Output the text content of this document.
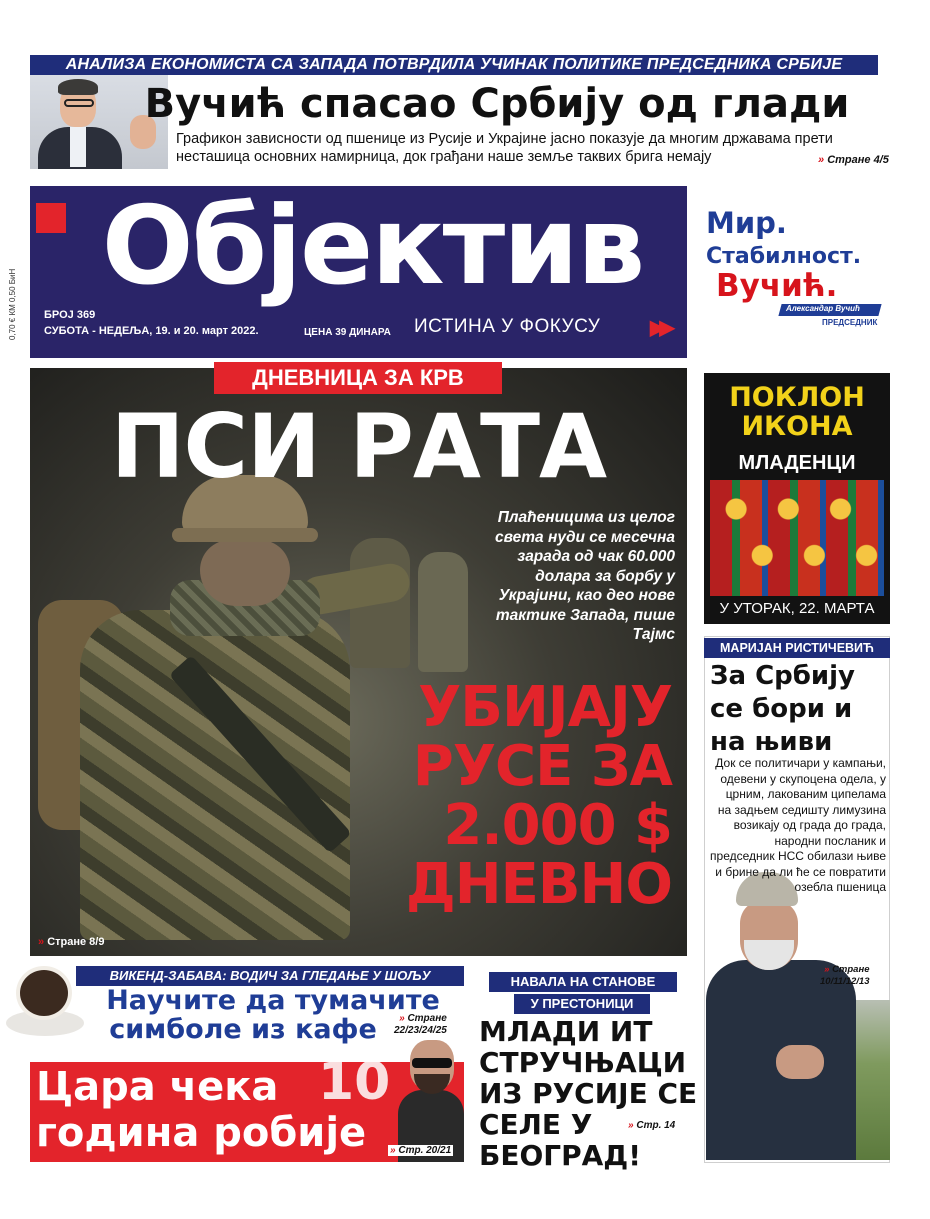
АНАЛИЗА ЕКОНОМИСТА СА ЗАПАДА ПОТВРДИЛА УЧИНАК ПОЛИТИКЕ ПРЕДСЕДНИКА СРБИЈЕ
Вучић спасао Србију од глади
Графикон зависности од пшенице из Русије и Украјине јасно показује да многим државама прети несташица основних намирница, док грађани наше земље таквих брига немају	» Стране 4/5
Објектив
БРОЈ 369
СУБОТА - НЕДЕЉА, 19. и 20. март 2022.	ЦЕНА 39 ДИНАРА ИСТИНА У ФОКУСУ ▶▶
0,70 € КМ 0,50 БиН
Мир.
Стабилност.
Вучић.
Александар Вучић
ПРЕДСЕДНИК
ДНЕВНИЦА ЗА КРВ
ПСИ РАТА
Плаћеницима из целог света нуди се месечна зарада од чак 60.000 долара за борбу у Украјини, као део нове тактике Запада, пише Тајмс
УБИЈАЈУ
РУСЕ ЗА
2.000 $
ДНЕВНО
» Стране 8/9
ПОКЛОН
ИКОНА
МЛАДЕНЦИ
У УТОРАК, 22. МАРТА
МАРИЈАН РИСТИЧЕВИЋ
За Србију се бори и на њиви
Док се политичари у кампањи, одевени у скупоцена одела, у црним, лакованим ципелама на задњем седишту лимузина возикају од града до града, народни посланик и председник НСС обилази њиве и брине да ли ће се повратити озебла пшеница
» Стране
10/11/12/13
ВИКЕНД-ЗАБАВА: ВОДИЧ ЗА ГЛЕДАЊЕ У ШОЉУ
Научите да тумачите
симболе из кафе	» Стране
22/23/24/25
10
Цара чека
година робије	» Стр. 20/21
НАВАЛА НА СТАНОВЕ
У ПРЕСТОНИЦИ
МЛАДИ ИТ СТРУЧЊАЦИ ИЗ РУСИЈЕ СЕ СЕЛЕ У БЕОГРАД!
» Стр. 14
